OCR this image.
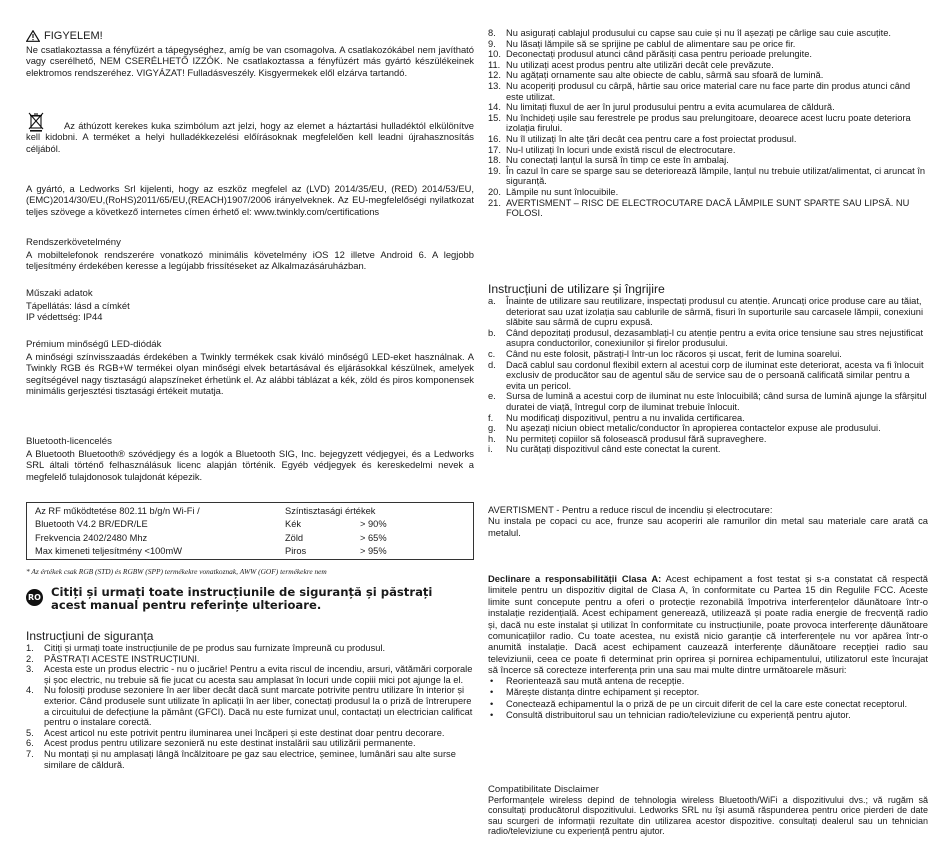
FIGYELEM!

Ne csatlakoztassa a fényfüzért a tápegységhez, amíg be van csomagolva. A csatlakozókábel nem javítható vagy cserélhető, NEM CSERÉLHETŐ IZZÓK. Ne csatlakoztassa a fényfüzért más gyártó készülékeinek elektromos rendszeréhez. VIGYÁZAT! Fulladásveszély. Kisgyermekek elől elzárva tartandó.

Az áthúzott kerekes kuka szimbólum azt jelzi, hogy az elemet a háztartási hulladéktól elkülönítve kell kidobni. A terméket a helyi hulladékkezelési előírásoknak megfelelően kell leadni újrahasznosítás céljából.

A gyártó, a Ledworks Srl kijelenti, hogy az eszköz megfelel az (LVD) 2014/35/EU, (RED) 2014/53/EU,(EMC)2014/30/EU,(RoHS)2011/65/EU,(REACH)1907/2006 irányelveknek. Az EU-megfelelőségi nyilatkozat teljes szövege a következő internetes címen érhető el: www.twinkly.com/certifications

Rendszerkövetelmény

A mobiltelefonok rendszerére vonatkozó minimális követelmény iOS 12 illetve Android 6. A legjobb teljesítmény érdekében keresse a legújabb frissítéseket az Alkalmazásáruházban.

Műszaki adatok

Tápellátás: lásd a címkét

IP védettség: IP44

Prémium minőségű LED-diódák

A minőségi színvisszaadás érdekében a Twinkly termékek csak kiváló minőségű LED-eket használnak. A Twinkly RGB és RGB+W termékei olyan minőségi elvek betartásával és eljárásokkal készülnek, amelyek segítségével nagy tisztaságú alapszíneket érhetünk el. Az alábbi táblázat a kék, zöld és piros komponensek minimális gerjesztési tisztasági értékeit mutatja.

Bluetooth-licencelés

A Bluetooth Bluetooth® szóvédjegy és a logók a Bluetooth SIG, Inc. bejegyzett védjegyei, és a Ledworks SRL általi történő felhasználásuk licenc alapján történik. Egyéb védjegyek és kereskedelmi nevek a megfelelő tulajdonosok tulajdonát képezik.

Az RF működtetése 802.11 b/g/n Wi-Fi /
Bluetooth V4.2 BR/EDR/LE
Frekvencia 2402/2480 Mhz
Max kimeneti teljesítmény <100mW
Színtisztasági értékek
Kék
Zöld
Piros
> 90%
> 65%
> 95%
* Az értékek csak RGB (STD) és RGBW (SPP) termékekre vonatkoznak, AWW (GOF) termékekre nem
RO Citiți și urmați toate instrucțiunile de siguranță și păstrați acest manual pentru referințe ulterioare.

Instrucțiuni de siguranța

1. Citiți și urmați toate instrucțiunile de pe produs sau furnizate împreună cu produsul.
2. PĂSTRAȚI ACESTE INSTRUCȚIUNI.
3. Acesta este un produs electric - nu o jucărie! Pentru a evita riscul de incendiu, arsuri, vătămări corporale și șoc electric, nu trebuie să fie jucat cu acesta sau amplasat în locuri unde copiii mici pot ajunge la el.
4. Nu folosiți produse sezoniere în aer liber decât dacă sunt marcate potrivite pentru utilizare în interior și exterior. Când produsele sunt utilizate în aplicații în aer liber, conectați produsul la o priză de întrerupere a circuitului de defecțiune la pământ (GFCI). Dacă nu este furnizat unul, contactați un electrician calificat pentru o instalare corectă.
5. Acest articol nu este potrivit pentru iluminarea unei încăperi și este destinat doar pentru decorare.
6. Acest produs pentru utilizare sezonieră nu este destinat instalării sau utilizării permanente.
7. Nu montați și nu amplasați lângă încălzitoare pe gaz sau electrice, șeminee, lumânări sau alte surse similare de căldură.
8. Nu asigurați cablajul produsului cu capse sau cuie și nu îl așezați pe cârlige sau cuie ascuțite.
9. Nu lăsați lămpile să se sprijine pe cablul de alimentare sau pe orice fir.
10. Deconectați produsul atunci când părăsiți casa pentru perioade prelungite.
11. Nu utilizați acest produs pentru alte utilizări decât cele prevăzute.
12. Nu agățați ornamente sau alte obiecte de cablu, sârmă sau sfoară de lumină.
13. Nu acoperiți produsul cu cârpă, hârtie sau orice material care nu face parte din produs atunci când este utilizat.
14. Nu limitați fluxul de aer în jurul produsului pentru a evita acumularea de căldură.
15. Nu închideți ușile sau ferestrele pe produs sau prelungitoare, deoarece acest lucru poate deteriora izolația firului.
16. Nu îl utilizați în alte țări decât cea pentru care a fost proiectat produsul.
17. Nu-l utilizați în locuri unde există riscul de electrocutare.
18. Nu conectați lanțul la sursă în timp ce este în ambalaj.
19. În cazul în care se sparge sau se deteriorează lămpile, lanțul nu trebuie utilizat/alimentat, ci aruncat în siguranță.
20. Lămpile nu sunt înlocuibile.
21. AVERTISMENT – RISC DE ELECTROCUTARE DACĂ LĂMPILE SUNT SPARTE SAU LIPSĂ. NU FOLOSI.

Instrucțiuni de utilizare și îngrijire

a. Înainte de utilizare sau reutilizare, inspectați produsul cu atenție. Aruncați orice produse care au tăiat, deteriorat sau uzat izolația sau cablurile de sârmă, fisuri în suporturile sau carcasele lămpii, conexiuni slăbite sau sârmă de cupru expusă.
b. Când depozitați produsul, dezasamblați-l cu atenție pentru a evita orice tensiune sau stres nejustificat asupra conductorilor, conexiunilor și firelor produsului.
c. Când nu este folosit, păstrați-l într-un loc răcoros și uscat, ferit de lumina soarelui.
d. Dacă cablul sau cordonul flexibil extern al acestui corp de iluminat este deteriorat, acesta va fi înlocuit exclusiv de producător sau de agentul său de service sau de o persoană calificată similar pentru a evita un pericol.
e. Sursa de lumină a acestui corp de iluminat nu este înlocuibilă; când sursa de lumină ajunge la sfârșitul duratei de viață, întregul corp de iluminat trebuie înlocuit.
f. Nu modificați dispozitivul, pentru a nu invalida certificarea.
g. Nu așezați niciun obiect metalic/conductor în apropierea contactelor expuse ale produsului.
h. Nu permiteți copiilor să folosească produsul fără supraveghere.
i. Nu curățați dispozitivul când este conectat la curent.

AVERTISMENT - Pentru a reduce riscul de incendiu și electrocutare:
Nu instala pe copaci cu ace, frunze sau acoperiri ale ramurilor din metal sau materiale care arată ca metalul.

Declinare a responsabilității Clasa A: Acest echipament a fost testat și s-a constatat că respectă limitele pentru un dispozitiv digital de Clasa A, în conformitate cu Partea 15 din Regulile FCC. Aceste limite sunt concepute pentru a oferi o protecție rezonabilă împotriva interferențelor dăunătoare într-o instalație rezidențială. Acest echipament generează, utilizează și poate radia energie de frecvență radio și, dacă nu este instalat și utilizat în conformitate cu instrucțiunile, poate provoca interferențe dăunătoare comunicațiilor radio. Cu toate acestea, nu există nicio garanție că interferențele nu vor apărea într-o anumită instalație. Dacă acest echipament cauzează interferențe dăunătoare recepției radio sau televiziunii, ceea ce poate fi determinat prin oprirea și pornirea echipamentului, utilizatorul este încurajat să încerce să corecteze interferența prin una sau mai multe dintre următoarele măsuri:

• Reorientează sau mută antena de recepție.
• Mărește distanța dintre echipament și receptor.
• Conectează echipamentul la o priză de pe un circuit diferit de cel la care este conectat receptorul.
• Consultă distribuitorul sau un tehnician radio/televiziune cu experiență pentru ajutor.

Compatibilitate Disclaimer

Performanțele wireless depind de tehnologia wireless Bluetooth/WiFi a dispozitivului dvs.; vă rugăm să consultați producătorul dispozitivului. Ledworks SRL nu își asumă răspunderea pentru orice pierderi de date sau scurgeri de informații rezultate din utilizarea acestor dispozitive. consultați dealerul sau un tehnician radio/televiziune cu experiență pentru ajutor.
